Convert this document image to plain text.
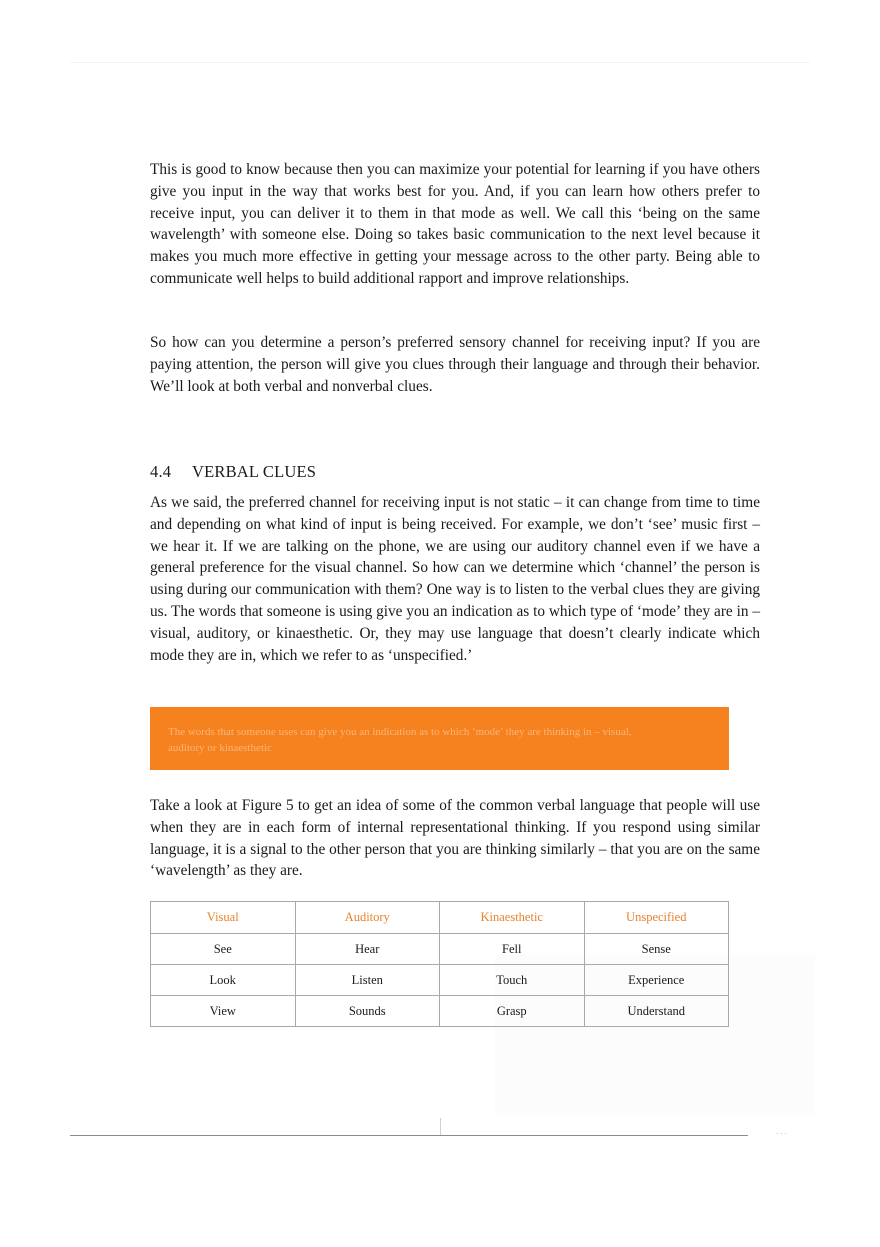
This is good to know because then you can maximize your potential for learning if you have others give you input in the way that works best for you. And, if you can learn how others prefer to receive input, you can deliver it to them in that mode as well. We call this ‘being on the same wavelength’ with someone else. Doing so takes basic communication to the next level because it makes you much more effective in getting your message across to the other party. Being able to communicate well helps to build additional rapport and improve relationships.

So how can you determine a person’s preferred sensory channel for receiving input? If you are paying attention, the person will give you clues through their language and through their behavior. We’ll look at both verbal and nonverbal clues.

4.4 VERBAL CLUES

As we said, the preferred channel for receiving input is not static – it can change from time to time and depending on what kind of input is being received. For example, we don’t ‘see’ music first – we hear it. If we are talking on the phone, we are using our auditory channel even if we have a general preference for the visual channel. So how can we determine which ‘channel’ the person is using during our communication with them? One way is to listen to the verbal clues they are giving us. The words that someone is using give you an indication as to which type of ‘mode’ they are in – visual, auditory, or kinaesthetic. Or, they may use language that doesn’t clearly indicate which mode they are in, which we refer to as ‘unspecified.’

The words that someone uses can give you an indication as to which ‘mode’ they are thinking in – visual, auditory or kinaesthetic

Take a look at Figure 5 to get an idea of some of the common verbal language that people will use when they are in each form of internal representational thinking. If you respond using similar language, it is a signal to the other person that you are thinking similarly – that you are on the same ‘wavelength’ as they are.

Visual	Auditory	Kinaesthetic	Unspecified
See	Hear	Fell	Sense
Look	Listen	Touch	Experience
View	Sounds	Grasp	Understand
· · ·
